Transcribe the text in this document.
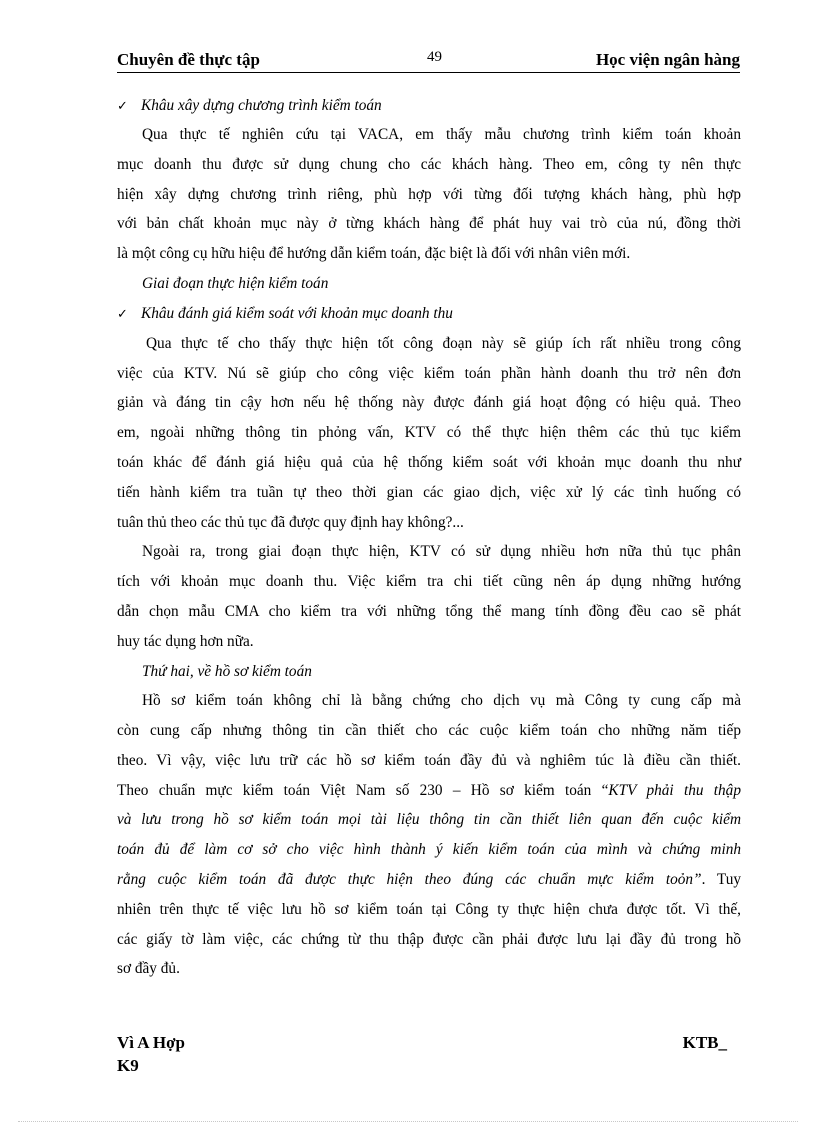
Chuyên đề thực tập	49	Học viện ngân hàng
✓ Khâu xây dựng chương trình kiểm toán
Qua thực tế nghiên cứu tại VACA, em thấy mẫu chương trình kiểm toán khoản
mục doanh thu được sử dụng chung cho các khách hàng. Theo em, công ty nên thực
hiện xây dựng chương trình riêng, phù hợp với từng đối tượng khách hàng, phù hợp
với bản chất khoản mục này ở từng khách hàng để phát huy vai trò của nú, đồng thời
là một công cụ hữu hiệu để hướng dẫn kiểm toán, đặc biệt là đối với nhân viên mới.
Giai đoạn thực hiện kiểm toán
✓ Khâu đánh giá kiểm soát với khoản mục doanh thu
Qua thực tế cho thấy thực hiện tốt công đoạn này sẽ giúp ích rất nhiều trong công
việc của KTV. Nú sẽ giúp cho công việc kiểm toán phần hành doanh thu trở nên đơn
giản và đáng tin cậy hơn nếu hệ thống này được đánh giá hoạt động có hiệu quả. Theo
em, ngoài những thông tin phỏng vấn, KTV có thể thực hiện thêm các thủ tục kiểm
toán khác để đánh giá hiệu quả của hệ thống kiểm soát với khoản mục doanh thu như
tiến hành kiểm tra tuần tự theo thời gian các giao dịch, việc xử lý các tình huống có
tuân thủ theo các thủ tục đã được quy định hay không?...
Ngoài ra, trong giai đoạn thực hiện, KTV có sử dụng nhiều hơn nữa thủ tục phân
tích với khoản mục doanh thu. Việc kiểm tra chi tiết cũng nên áp dụng những hướng
dẫn chọn mẫu CMA cho kiểm tra với những tổng thể mang tính đồng đều cao sẽ phát
huy tác dụng hơn nữa.
Thứ hai, về hồ sơ kiểm toán
Hồ sơ kiểm toán không chỉ là bằng chứng cho dịch vụ mà Công ty cung cấp mà
còn cung cấp nhưng thông tin cần thiết cho các cuộc kiểm toán cho những năm tiếp
theo. Vì vậy, việc lưu trữ các hồ sơ kiểm toán đầy đủ và nghiêm túc là điều cần thiết.
Theo chuẩn mực kiểm toán Việt Nam số 230 – Hồ sơ kiểm toán “KTV phải thu thập
và lưu trong hồ sơ kiểm toán mọi tài liệu thông tin cần thiết liên quan đến cuộc kiểm
toán đủ để làm cơ sở cho việc hình thành ý kiến kiểm toán của mình và chứng minh
rằng cuộc kiểm toán đã được thực hiện theo đúng các chuẩn mực kiểm toỏn”. Tuy
nhiên trên thực tế việc lưu hồ sơ kiểm toán tại Công ty thực hiện chưa được tốt. Vì thế,
các giấy tờ làm việc, các chứng từ thu thập được cần phải được lưu lại đầy đủ trong hồ
sơ đầy đủ.
Vì A Hợp	KTB_
K9
